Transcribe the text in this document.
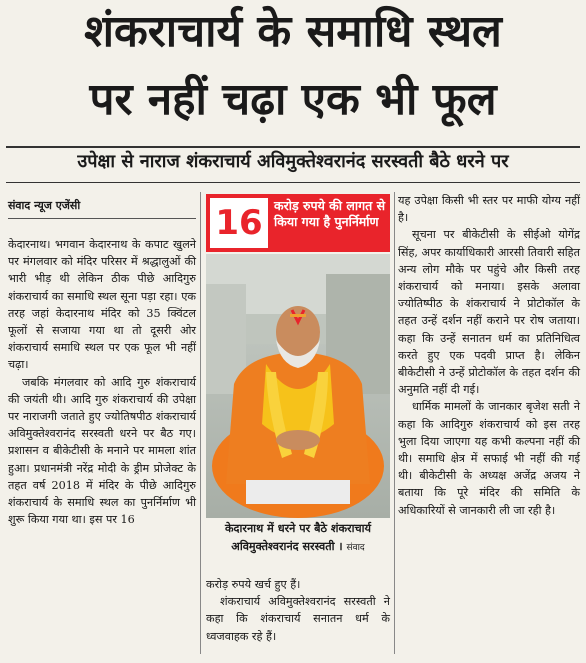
शंकराचार्य के समाधि स्थल
पर नहीं चढ़ा एक भी फूल
उपेक्षा से नाराज शंकराचार्य अविमुक्तेश्वरानंद सरस्वती बैठे धरने पर
संवाद न्यूज एजेंसी

केदारनाथ। भगवान केदारनाथ के कपाट खुलने पर मंगलवार को मंदिर परिसर में श्रद्धालुओं की भारी भीड़ थी लेकिन ठीक पीछे आदिगुरु शंकराचार्य का समाधि स्थल सूना पड़ा रहा। एक तरह जहां केदारनाथ मंदिर को 35 क्विंटल फूलों से सजाया गया था तो दूसरी ओर शंकराचार्य समाधि स्थल पर एक फूल भी नहीं चढ़ा।

जबकि मंगलवार को आदि गुरु शंकराचार्य की जयंती थी। आदि गुरु शंकराचार्य की उपेक्षा पर नाराजगी जताते हुए ज्योतिषपीठ शंकराचार्य अविमुक्तेश्वरानंद सरस्वती धरने पर बैठ गए। प्रशासन व बीकेटीसी के मनाने पर मामला शांत हुआ। प्रधानमंत्री नरेंद्र मोदी के ड्रीम प्रोजेक्ट के तहत वर्ष 2018 में मंदिर के पीछे आदिगुरु शंकराचार्य के समाधि स्थल का पुनर्निर्माण भी शुरू किया गया था। इस पर 16

16 करोड़ रुपये की लागत से किया गया है पुनर्निर्माण
केदारनाथ में धरने पर बैठे शंकराचार्य अविमुक्तेश्वरानंद सरस्वती । संवाद

करोड़ रुपये खर्च हुए हैं।

शंकराचार्य अविमुक्तेश्वरानंद सरस्वती ने कहा कि शंकराचार्य सनातन धर्म के ध्वजवाहक रहे हैं।

यह उपेक्षा किसी भी स्तर पर माफी योग्य नहीं है।

सूचना पर बीकेटीसी के सीईओ योगेंद्र सिंह, अपर कार्याधिकारी आरसी तिवारी सहित अन्य लोग मौके पर पहुंचे और किसी तरह शंकराचार्य को मनाया। इसके अलावा ज्योतिष्पीठ के शंकराचार्य ने प्रोटोकॉल के तहत उन्हें दर्शन नहीं कराने पर रोष जताया। कहा कि उन्हें सनातन धर्म का प्रतिनिधित्व करते हुए एक पदवी प्राप्त है। लेकिन बीकेटीसी ने उन्हें प्रोटोकॉल के तहत दर्शन की अनुमति नहीं दी गई।

धार्मिक मामलों के जानकार बृजेश सती ने कहा कि आदिगुरु शंकराचार्य को इस तरह भुला दिया जाएगा यह कभी कल्पना नहीं की थी। समाधि क्षेत्र में सफाई भी नहीं की गई थी। बीकेटीसी के अध्यक्ष अजेंद्र अजय ने बताया कि पूरे मंदिर की समिति के अधिकारियों से जानकारी ली जा रही है।
